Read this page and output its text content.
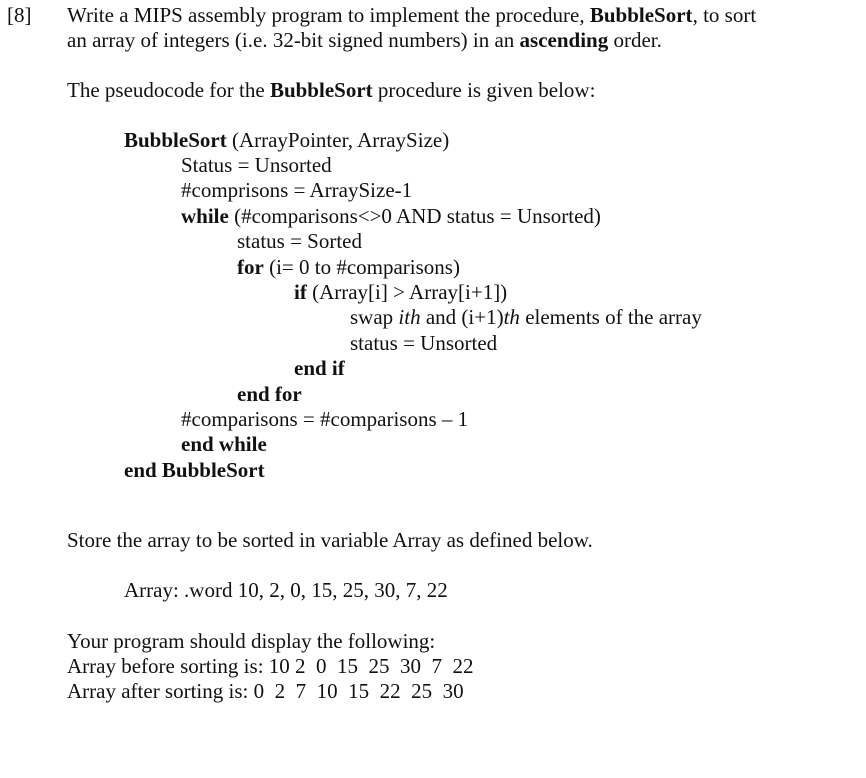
[8] Write a MIPS assembly program to implement the procedure, BubbleSort, to sort
an array of integers (i.e. 32-bit signed numbers) in an ascending order.
The pseudocode for the BubbleSort procedure is given below:
BubbleSort (ArrayPointer, ArraySize)
Status = Unsorted
#comprisons = ArraySize-1
while (#comparisons<>0 AND status = Unsorted)
status = Sorted
for (i= 0 to #comparisons)
if (Array[i] > Array[i+1])
swap ith and (i+1)th elements of the array
status = Unsorted
end if
end for
#comparisons = #comparisons – 1
end while
end BubbleSort
Store the array to be sorted in variable Array as defined below.
Array: .word 10, 2, 0, 15, 25, 30, 7, 22
Your program should display the following:
Array before sorting is: 10 2  0  15  25  30  7  22
Array after sorting is: 0  2  7  10  15  22  25  30
